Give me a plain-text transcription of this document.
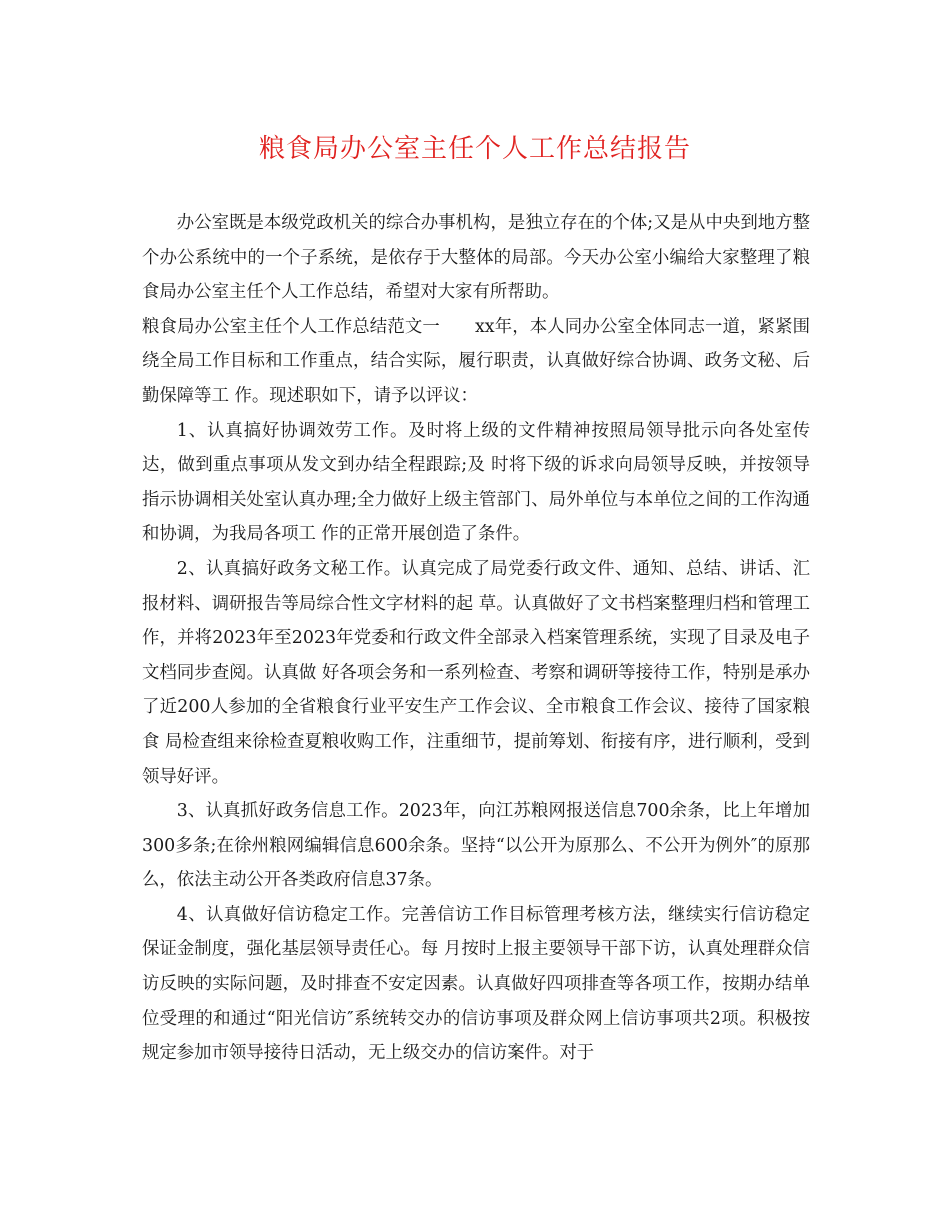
粮食局办公室主任个人工作总结报告

办公室既是本级党政机关的综合办事机构，是独立存在的个体;又是从中央到地方整个办公系统中的一个子系统，是依存于大整体的局部。今天办公室小编给大家整理了粮食局办公室主任个人工作总结，希望对大家有所帮助。

粮食局办公室主任个人工作总结范文一　　xx年，本人同办公室全体同志一道，紧紧围绕全局工作目标和工作重点，结合实际，履行职责，认真做好综合协调、政务文秘、后勤保障等工 作。现述职如下，请予以评议：

1、认真搞好协调效劳工作。及时将上级的文件精神按照局领导批示向各处室传达，做到重点事项从发文到办结全程跟踪;及 时将下级的诉求向局领导反映，并按领导指示协调相关处室认真办理;全力做好上级主管部门、局外单位与本单位之间的工作沟通和协调，为我局各项工 作的正常开展创造了条件。

2、认真搞好政务文秘工作。认真完成了局党委行政文件、通知、总结、讲话、汇报材料、调研报告等局综合性文字材料的起 草。认真做好了文书档案整理归档和管理工作，并将2023年至2023年党委和行政文件全部录入档案管理系统，实现了目录及电子文档同步查阅。认真做 好各项会务和一系列检查、考察和调研等接待工作，特别是承办了近200人参加的全省粮食行业平安生产工作会议、全市粮食工作会议、接待了国家粮食 局检查组来徐检查夏粮收购工作，注重细节，提前筹划、衔接有序，进行顺利，受到领导好评。

3、认真抓好政务信息工作。2023年，向江苏粮网报送信息700余条，比上年增加300多条;在徐州粮网编辑信息600余条。坚持“以公开为原那么、不公开为例外″的原那么，依法主动公开各类政府信息37条。

4、认真做好信访稳定工作。完善信访工作目标管理考核方法，继续实行信访稳定保证金制度，强化基层领导责任心。每 月按时上报主要领导干部下访，认真处理群众信访反映的实际问题，及时排查不安定因素。认真做好四项排查等各项工作，按期办结单位受理的和通过“阳光信访″系统转交办的信访事项及群众网上信访事项共2项。积极按规定参加市领导接待日活动，无上级交办的信访案件。对于
